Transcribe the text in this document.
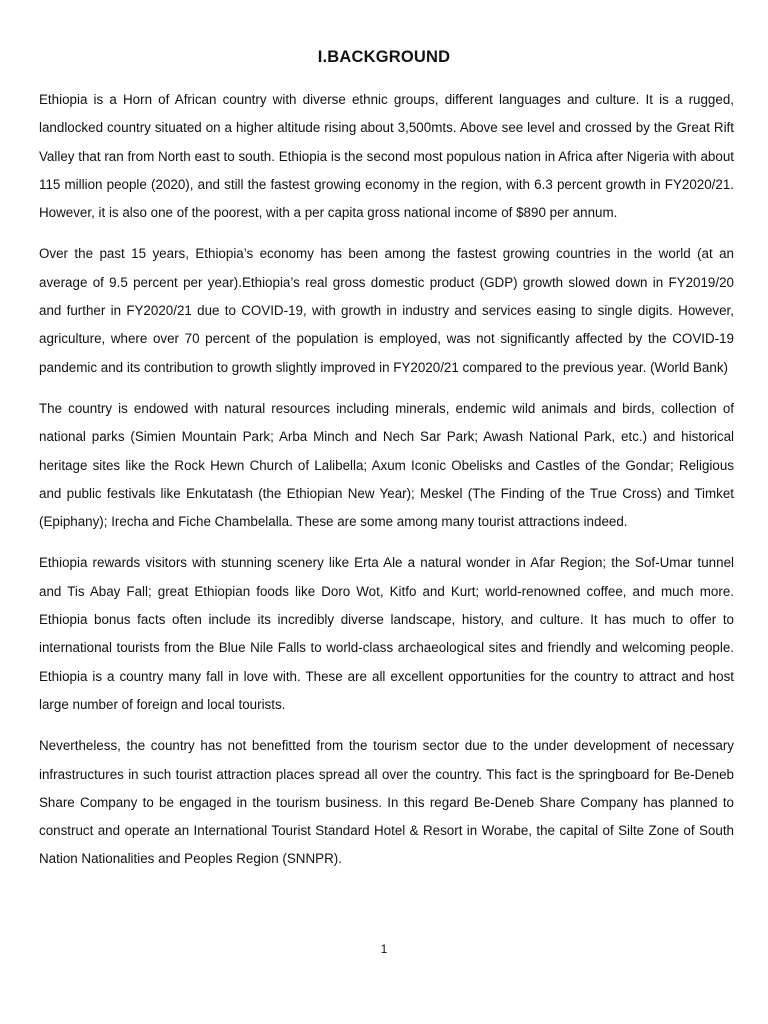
I.BACKGROUND

Ethiopia is a Horn of African country with diverse ethnic groups, different languages and culture. It is a rugged, landlocked country situated on a higher altitude rising about 3,500mts. Above see level and crossed by the Great Rift Valley that ran from North east to south. Ethiopia is the second most populous nation in Africa after Nigeria with about 115 million people (2020), and still the fastest growing economy in the region, with 6.3 percent growth in FY2020/21. However, it is also one of the poorest, with a per capita gross national income of $890 per annum.

Over the past 15 years, Ethiopia’s economy has been among the fastest growing countries in the world (at an average of 9.5 percent per year).Ethiopia’s real gross domestic product (GDP) growth slowed down in FY2019/20 and further in FY2020/21 due to COVID-19, with growth in industry and services easing to single digits. However, agriculture, where over 70 percent of the population is employed, was not significantly affected by the COVID-19 pandemic and its contribution to growth slightly improved in FY2020/21 compared to the previous year. (World Bank)

The country is endowed with natural resources including minerals, endemic wild animals and birds, collection of national parks (Simien Mountain Park; Arba Minch and Nech Sar Park; Awash National Park, etc.) and historical heritage sites like the Rock Hewn Church of Lalibella; Axum Iconic Obelisks and Castles of the Gondar; Religious and public festivals like Enkutatash (the Ethiopian New Year); Meskel (The Finding of the True Cross) and Timket (Epiphany); Irecha and Fiche Chambelalla. These are some among many tourist attractions indeed.

Ethiopia rewards visitors with stunning scenery like Erta Ale a natural wonder in Afar Region; the Sof-Umar tunnel and Tis Abay Fall; great Ethiopian foods like Doro Wot, Kitfo and Kurt; world-renowned coffee, and much more. Ethiopia bonus facts often include its incredibly diverse landscape, history, and culture. It has much to offer to international tourists from the Blue Nile Falls to world-class archaeological sites and friendly and welcoming people. Ethiopia is a country many fall in love with. These are all excellent opportunities for the country to attract and host large number of foreign and local tourists.

Nevertheless, the country has not benefitted from the tourism sector due to the under development of necessary infrastructures in such tourist attraction places spread all over the country. This fact is the springboard for Be-Deneb Share Company to be engaged in the tourism business. In this regard Be-Deneb Share Company has planned to construct and operate an International Tourist Standard Hotel & Resort in Worabe, the capital of Silte Zone of South Nation Nationalities and Peoples Region (SNNPR).

1
